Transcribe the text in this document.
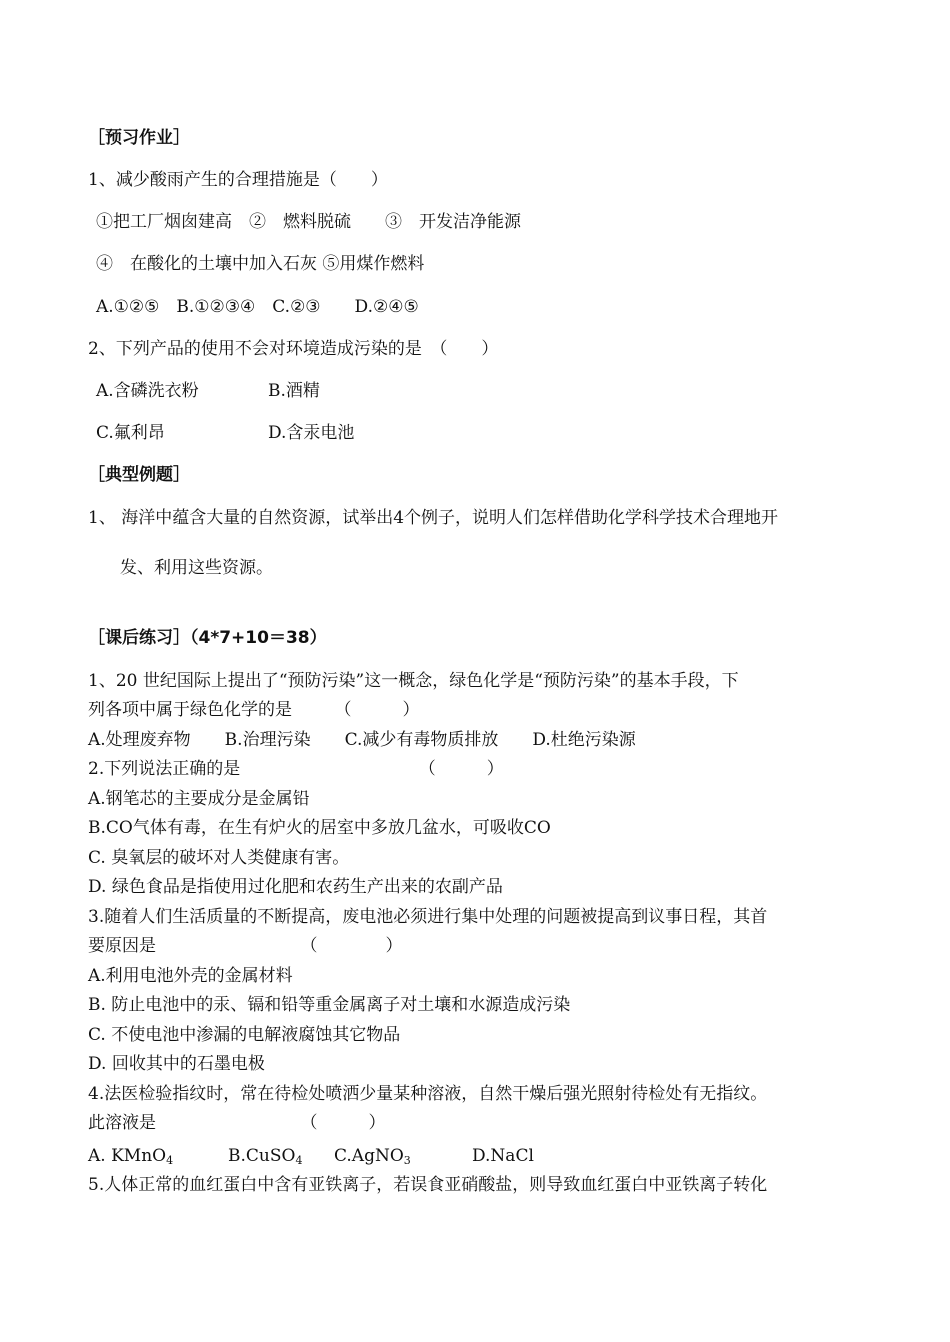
［预习作业］
1、减少酸雨产生的合理措施是（　　）
①把工厂烟囱建高　②　燃料脱硫　　③　开发洁净能源
④　在酸化的土壤中加入石灰 ⑤用煤作燃料
A.①②⑤　B.①②③④　C.②③　　D.②④⑤
2、下列产品的使用不会对环境造成污染的是　（　　）
A.含磷洗衣粉	B.酒精
C.氟利昂	D.含汞电池
［典型例题］
1、 海洋中蕴含大量的自然资源，试举出4个例子，说明人们怎样借助化学科学技术合理地开
发、利用这些资源。
［课后练习］（4*7+10＝38）
1、20 世纪国际上提出了“预防污染”这一概念，绿色化学是“预防污染”的基本手段，下
列各项中属于绿色化学的是　　　（　　　）
A.处理废弃物　　B.治理污染　　C.减少有毒物质排放　　D.杜绝污染源
2.下列说法正确的是　　　　　　　　　　　（　　　）
A.钢笔芯的主要成分是金属铅
B.CO气体有毒，在生有炉火的居室中多放几盆水，可吸收CO
C. 臭氧层的破坏对人类健康有害。
D. 绿色食品是指使用过化肥和农药生产出来的农副产品
3.随着人们生活质量的不断提高，废电池必须进行集中处理的问题被提高到议事日程，其首
要原因是　　　　　　　　　（　　　　）
A.利用电池外壳的金属材料
B. 防止电池中的汞、镉和铅等重金属离子对土壤和水源造成污染
C. 不使电池中渗漏的电解液腐蚀其它物品
D. 回收其中的石墨电极
4.法医检验指纹时，常在待检处喷洒少量某种溶液，自然干燥后强光照射待检处有无指纹。
此溶液是　　　　　　　　　（　　　）
A. KMnO$_4$	B.CuSO$_4$ C.AgNO$_3$	D.NaCl
5.人体正常的血红蛋白中含有亚铁离子，若误食亚硝酸盐，则导致血红蛋白中亚铁离子转化
